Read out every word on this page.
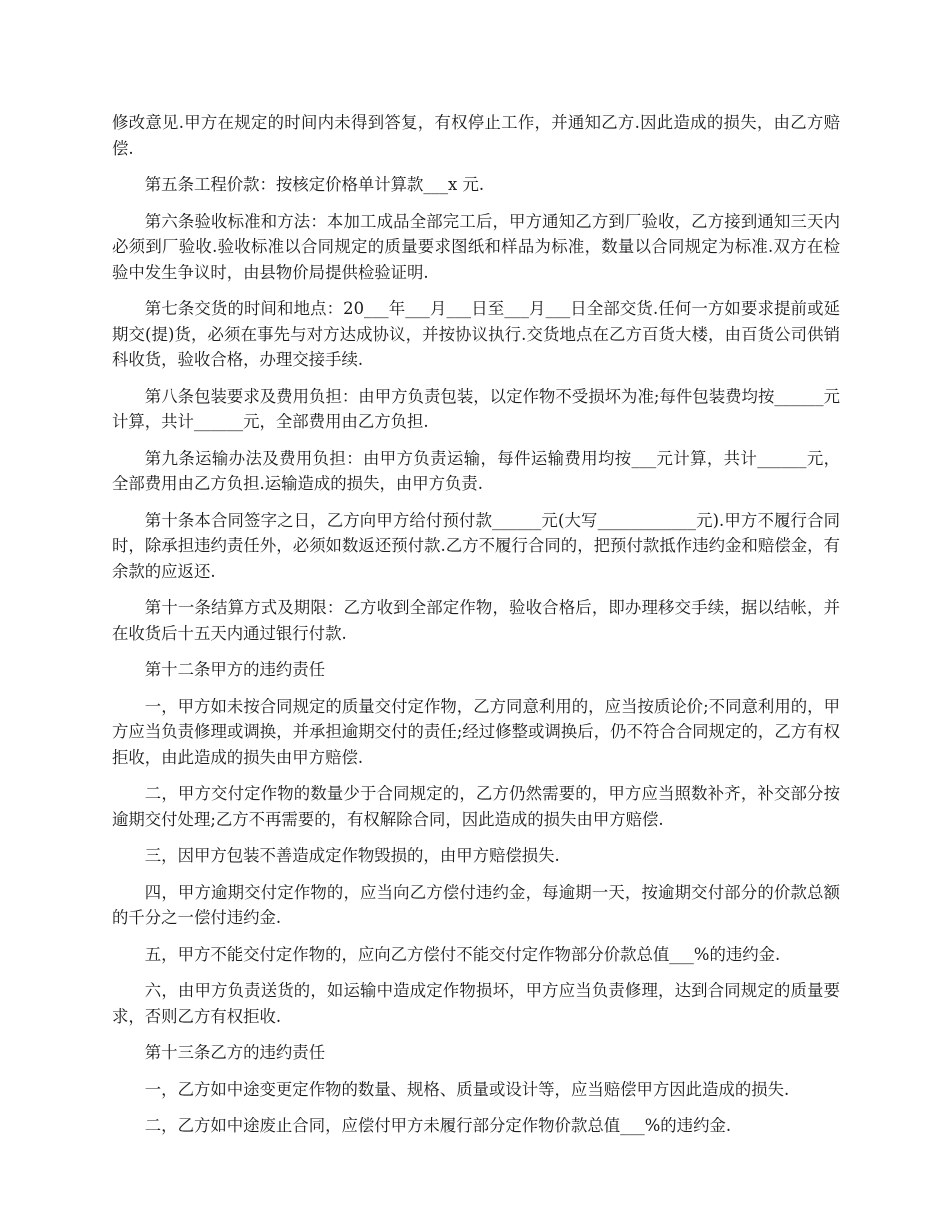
修改意见.甲方在规定的时间内未得到答复，有权停止工作，并通知乙方.因此造成的损失，由乙方赔偿.

第五条工程价款：按核定价格单计算款___x 元.

第六条验收标准和方法：本加工成品全部完工后，甲方通知乙方到厂验收，乙方接到通知三天内必须到厂验收.验收标准以合同规定的质量要求图纸和样品为标准，数量以合同规定为标准.双方在检验中发生争议时，由县物价局提供检验证明.

第七条交货的时间和地点：20___年___月___日至___月___日全部交货.任何一方如要求提前或延期交(提)货，必须在事先与对方达成协议，并按协议执行.交货地点在乙方百货大楼，由百货公司供销科收货，验收合格，办理交接手续.

第八条包装要求及费用负担：由甲方负责包装，以定作物不受损坏为准;每件包装费均按______元计算，共计______元，全部费用由乙方负担.

第九条运输办法及费用负担：由甲方负责运输，每件运输费用均按___元计算，共计______元，全部费用由乙方负担.运输造成的损失，由甲方负责.

第十条本合同签字之日，乙方向甲方给付预付款______元(大写____________元).甲方不履行合同时，除承担违约责任外，必须如数返还预付款.乙方不履行合同的，把预付款抵作违约金和赔偿金，有余款的应返还.

第十一条结算方式及期限：乙方收到全部定作物，验收合格后，即办理移交手续，据以结帐，并在收货后十五天内通过银行付款.

第十二条甲方的违约责任

一，甲方如未按合同规定的质量交付定作物，乙方同意利用的，应当按质论价;不同意利用的，甲方应当负责修理或调换，并承担逾期交付的责任;经过修整或调换后，仍不符合合同规定的，乙方有权拒收，由此造成的损失由甲方赔偿.

二，甲方交付定作物的数量少于合同规定的，乙方仍然需要的，甲方应当照数补齐，补交部分按逾期交付处理;乙方不再需要的，有权解除合同，因此造成的损失由甲方赔偿.

三，因甲方包装不善造成定作物毁损的，由甲方赔偿损失.

四，甲方逾期交付定作物的，应当向乙方偿付违约金，每逾期一天，按逾期交付部分的价款总额的千分之一偿付违约金.

五，甲方不能交付定作物的，应向乙方偿付不能交付定作物部分价款总值___%的违约金.

六，由甲方负责送货的，如运输中造成定作物损坏，甲方应当负责修理，达到合同规定的质量要求，否则乙方有权拒收.

第十三条乙方的违约责任

一，乙方如中途变更定作物的数量、规格、质量或设计等，应当赔偿甲方因此造成的损失.

二，乙方如中途废止合同，应偿付甲方未履行部分定作物价款总值___%的违约金.
